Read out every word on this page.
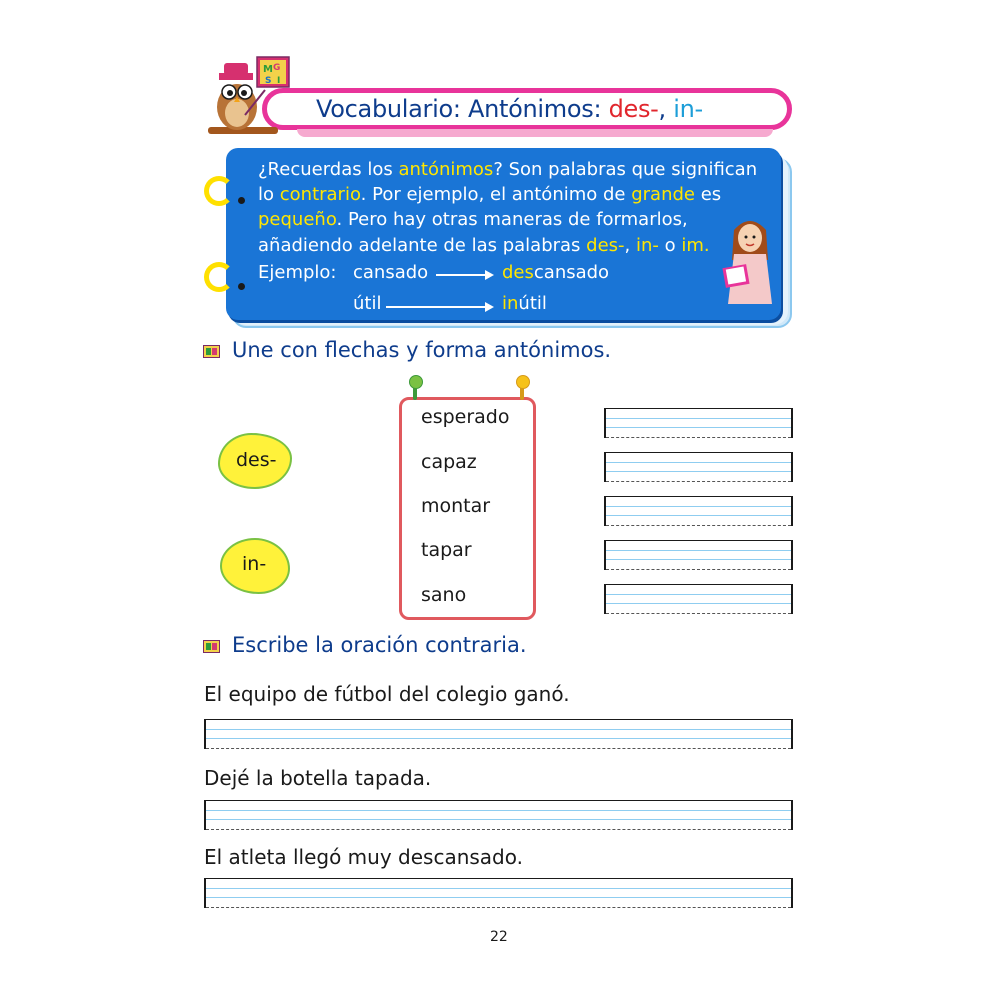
Vocabulario: Antónimos: des-, in-
M G
S I
¿Recuerdas los antónimos? Son palabras que significan
lo contrario. Por ejemplo, el antónimo de grande es
pequeño. Pero hay otras maneras de formarlos,
añadiendo adelante de las palabras des-, in- o im.
Ejemplo: cansado	descansado
útil	inútil
Une con flechas y forma antónimos.
des-
in-
esperado
capaz
montar
tapar
sano
Escribe la oración contraria.
El equipo de fútbol del colegio ganó.
Dejé la botella tapada.
El atleta llegó muy descansado.
22
